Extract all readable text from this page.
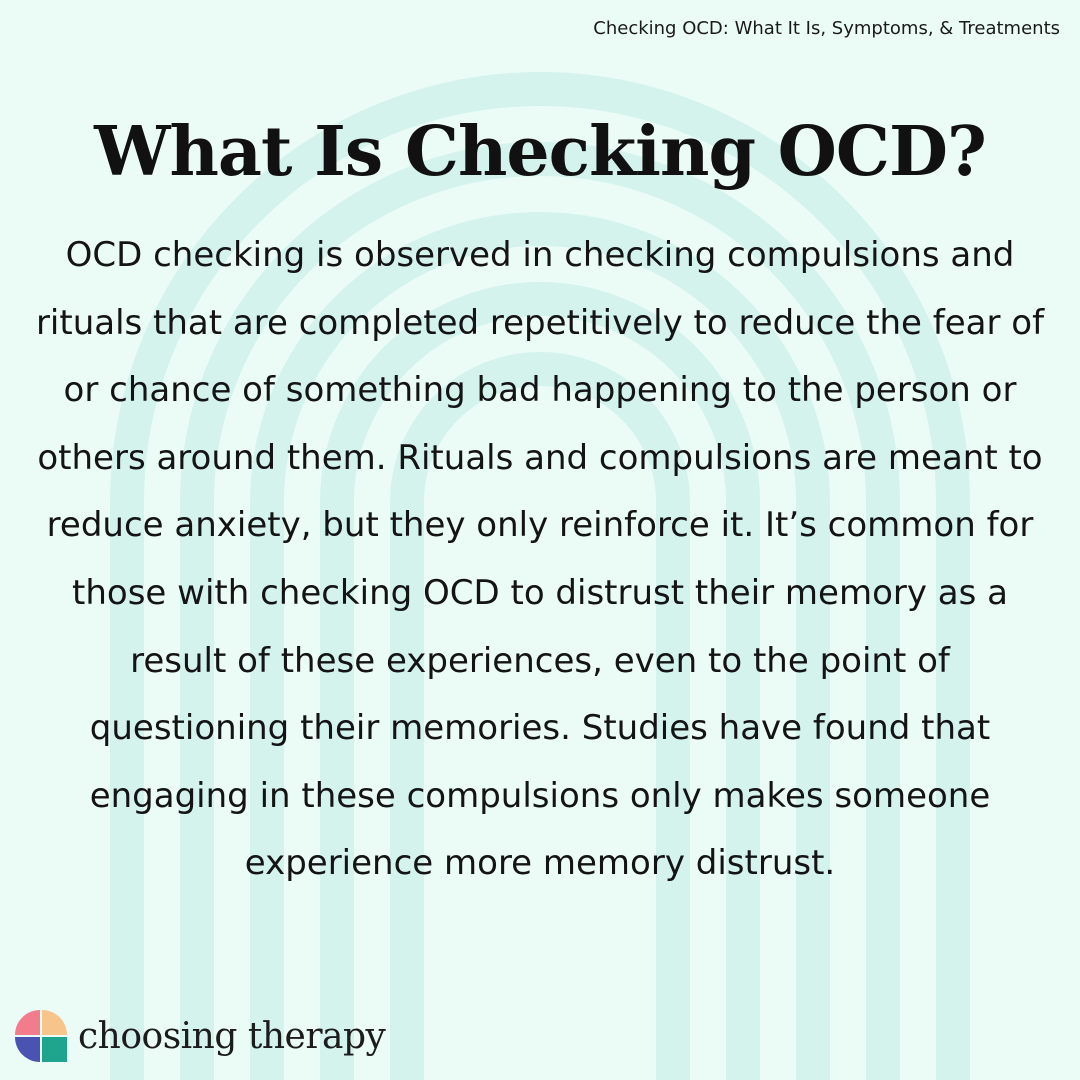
Checking OCD: What It Is, Symptoms, & Treatments
What Is Checking OCD?

OCD checking is observed in checking compulsions and rituals that are completed repetitively to reduce the fear of or chance of something bad happening to the person or others around them. Rituals and compulsions are meant to reduce anxiety, but they only reinforce it. It’s common for those with checking OCD to distrust their memory as a result of these experiences, even to the point of questioning their memories. Studies have found that engaging in these compulsions only makes someone experience more memory distrust.

choosing therapy
